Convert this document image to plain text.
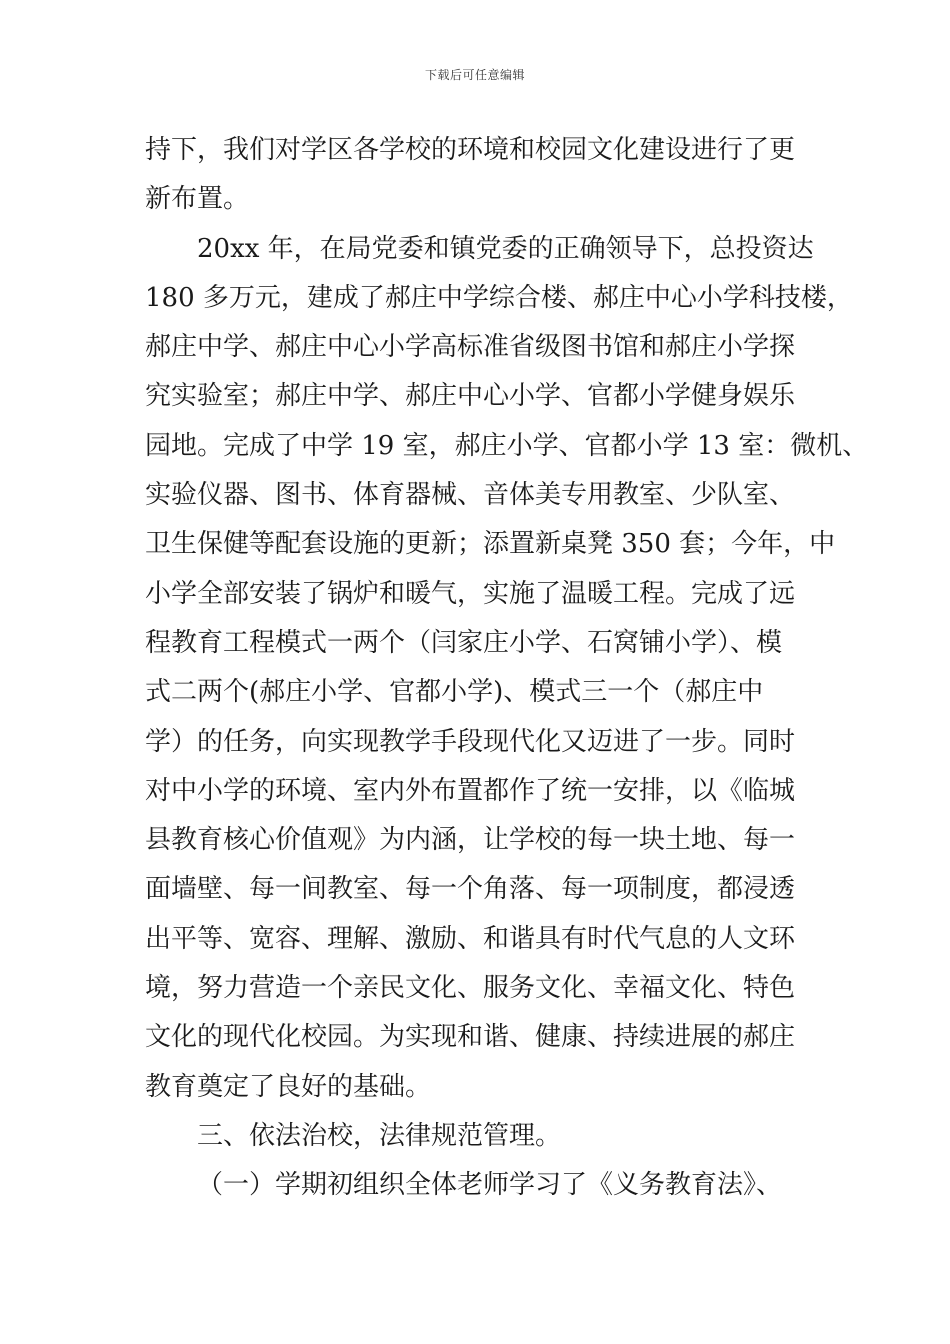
下载后可任意编辑
持下，我们对学区各学校的环境和校园文化建设进行了更
新布置。
20xx 年，在局党委和镇党委的正确领导下，总投资达
180 多万元，建成了郝庄中学综合楼、郝庄中心小学科技楼，
郝庄中学、郝庄中心小学高标准省级图书馆和郝庄小学探
究实验室；郝庄中学、郝庄中心小学、官都小学健身娱乐
园地。完成了中学 19 室，郝庄小学、官都小学 13 室：微机、
实验仪器、图书、体育器械、音体美专用教室、少队室、
卫生保健等配套设施的更新；添置新桌凳 350 套；今年，中
小学全部安装了锅炉和暖气，实施了温暖工程。完成了远
程教育工程模式一两个（闫家庄小学、石窝铺小学）、模
式二两个(郝庄小学、官都小学)、模式三一个（郝庄中
学）的任务，向实现教学手段现代化又迈进了一步。同时
对中小学的环境、室内外布置都作了统一安排，以《临城
县教育核心价值观》为内涵，让学校的每一块土地、每一
面墙壁、每一间教室、每一个角落、每一项制度，都浸透
出平等、宽容、理解、激励、和谐具有时代气息的人文环
境，努力营造一个亲民文化、服务文化、幸福文化、特色
文化的现代化校园。为实现和谐、健康、持续进展的郝庄
教育奠定了良好的基础。
三、依法治校，法律规范管理。
（一）学期初组织全体老师学习了《义务教育法》、
